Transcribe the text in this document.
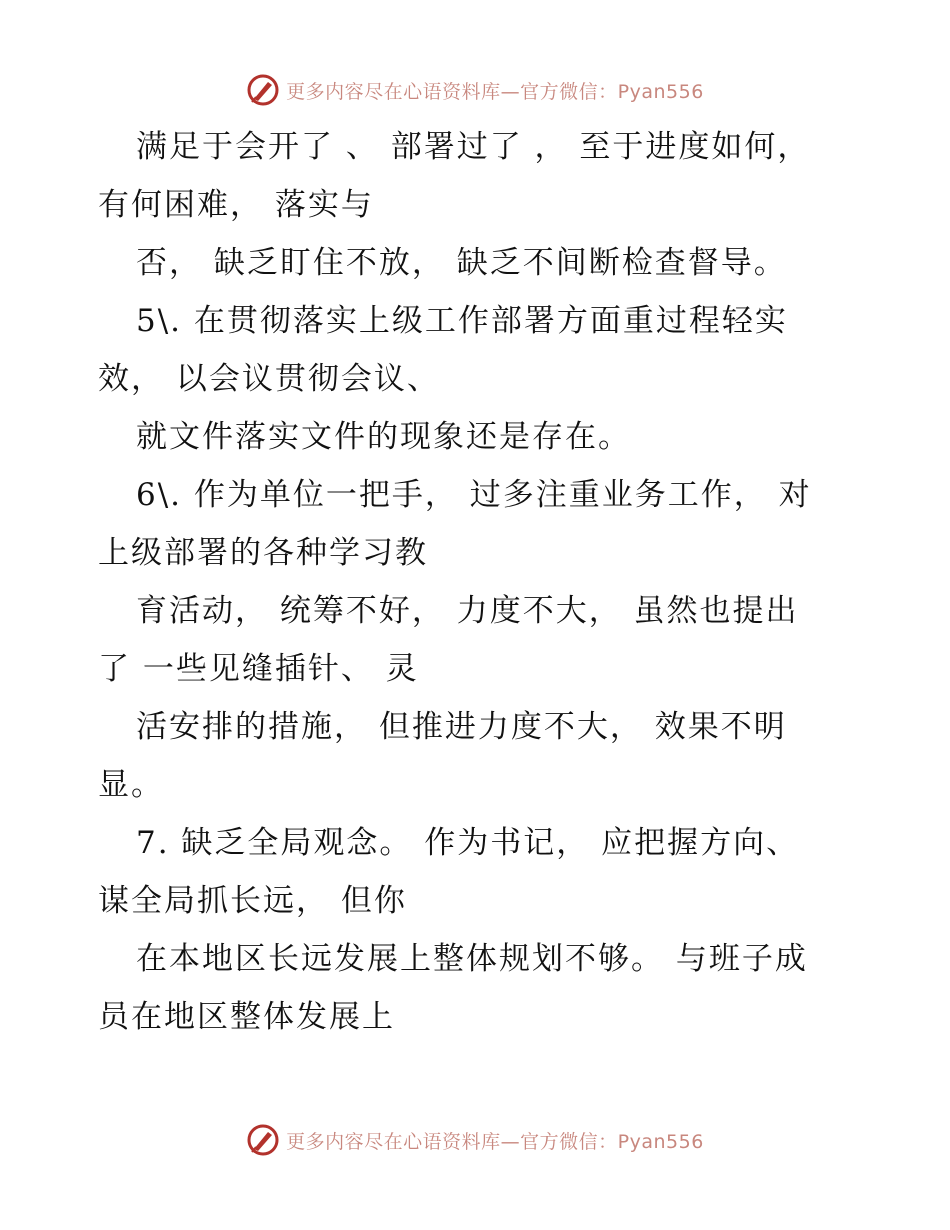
更多内容尽在心语资料库—官方微信：Pyan556
满足于会开了 、 部署过了 ， 至于进度如何，
有何困难， 落实与
否， 缺乏盯住不放， 缺乏不间断检查督导。
5\. 在贯彻落实上级工作部署方面重过程轻实
效， 以会议贯彻会议、
就文件落实文件的现象还是存在。
6\. 作为单位一把手， 过多注重业务工作， 对
上级部署的各种学习教
育活动， 统筹不好， 力度不大， 虽然也提出
了 一些见缝插针、 灵
活安排的措施， 但推进力度不大， 效果不明
显。
7. 缺乏全局观念。 作为书记， 应把握方向、
谋全局抓长远， 但你
在本地区长远发展上整体规划不够。 与班子成
员在地区整体发展上
更多内容尽在心语资料库—官方微信：Pyan556
